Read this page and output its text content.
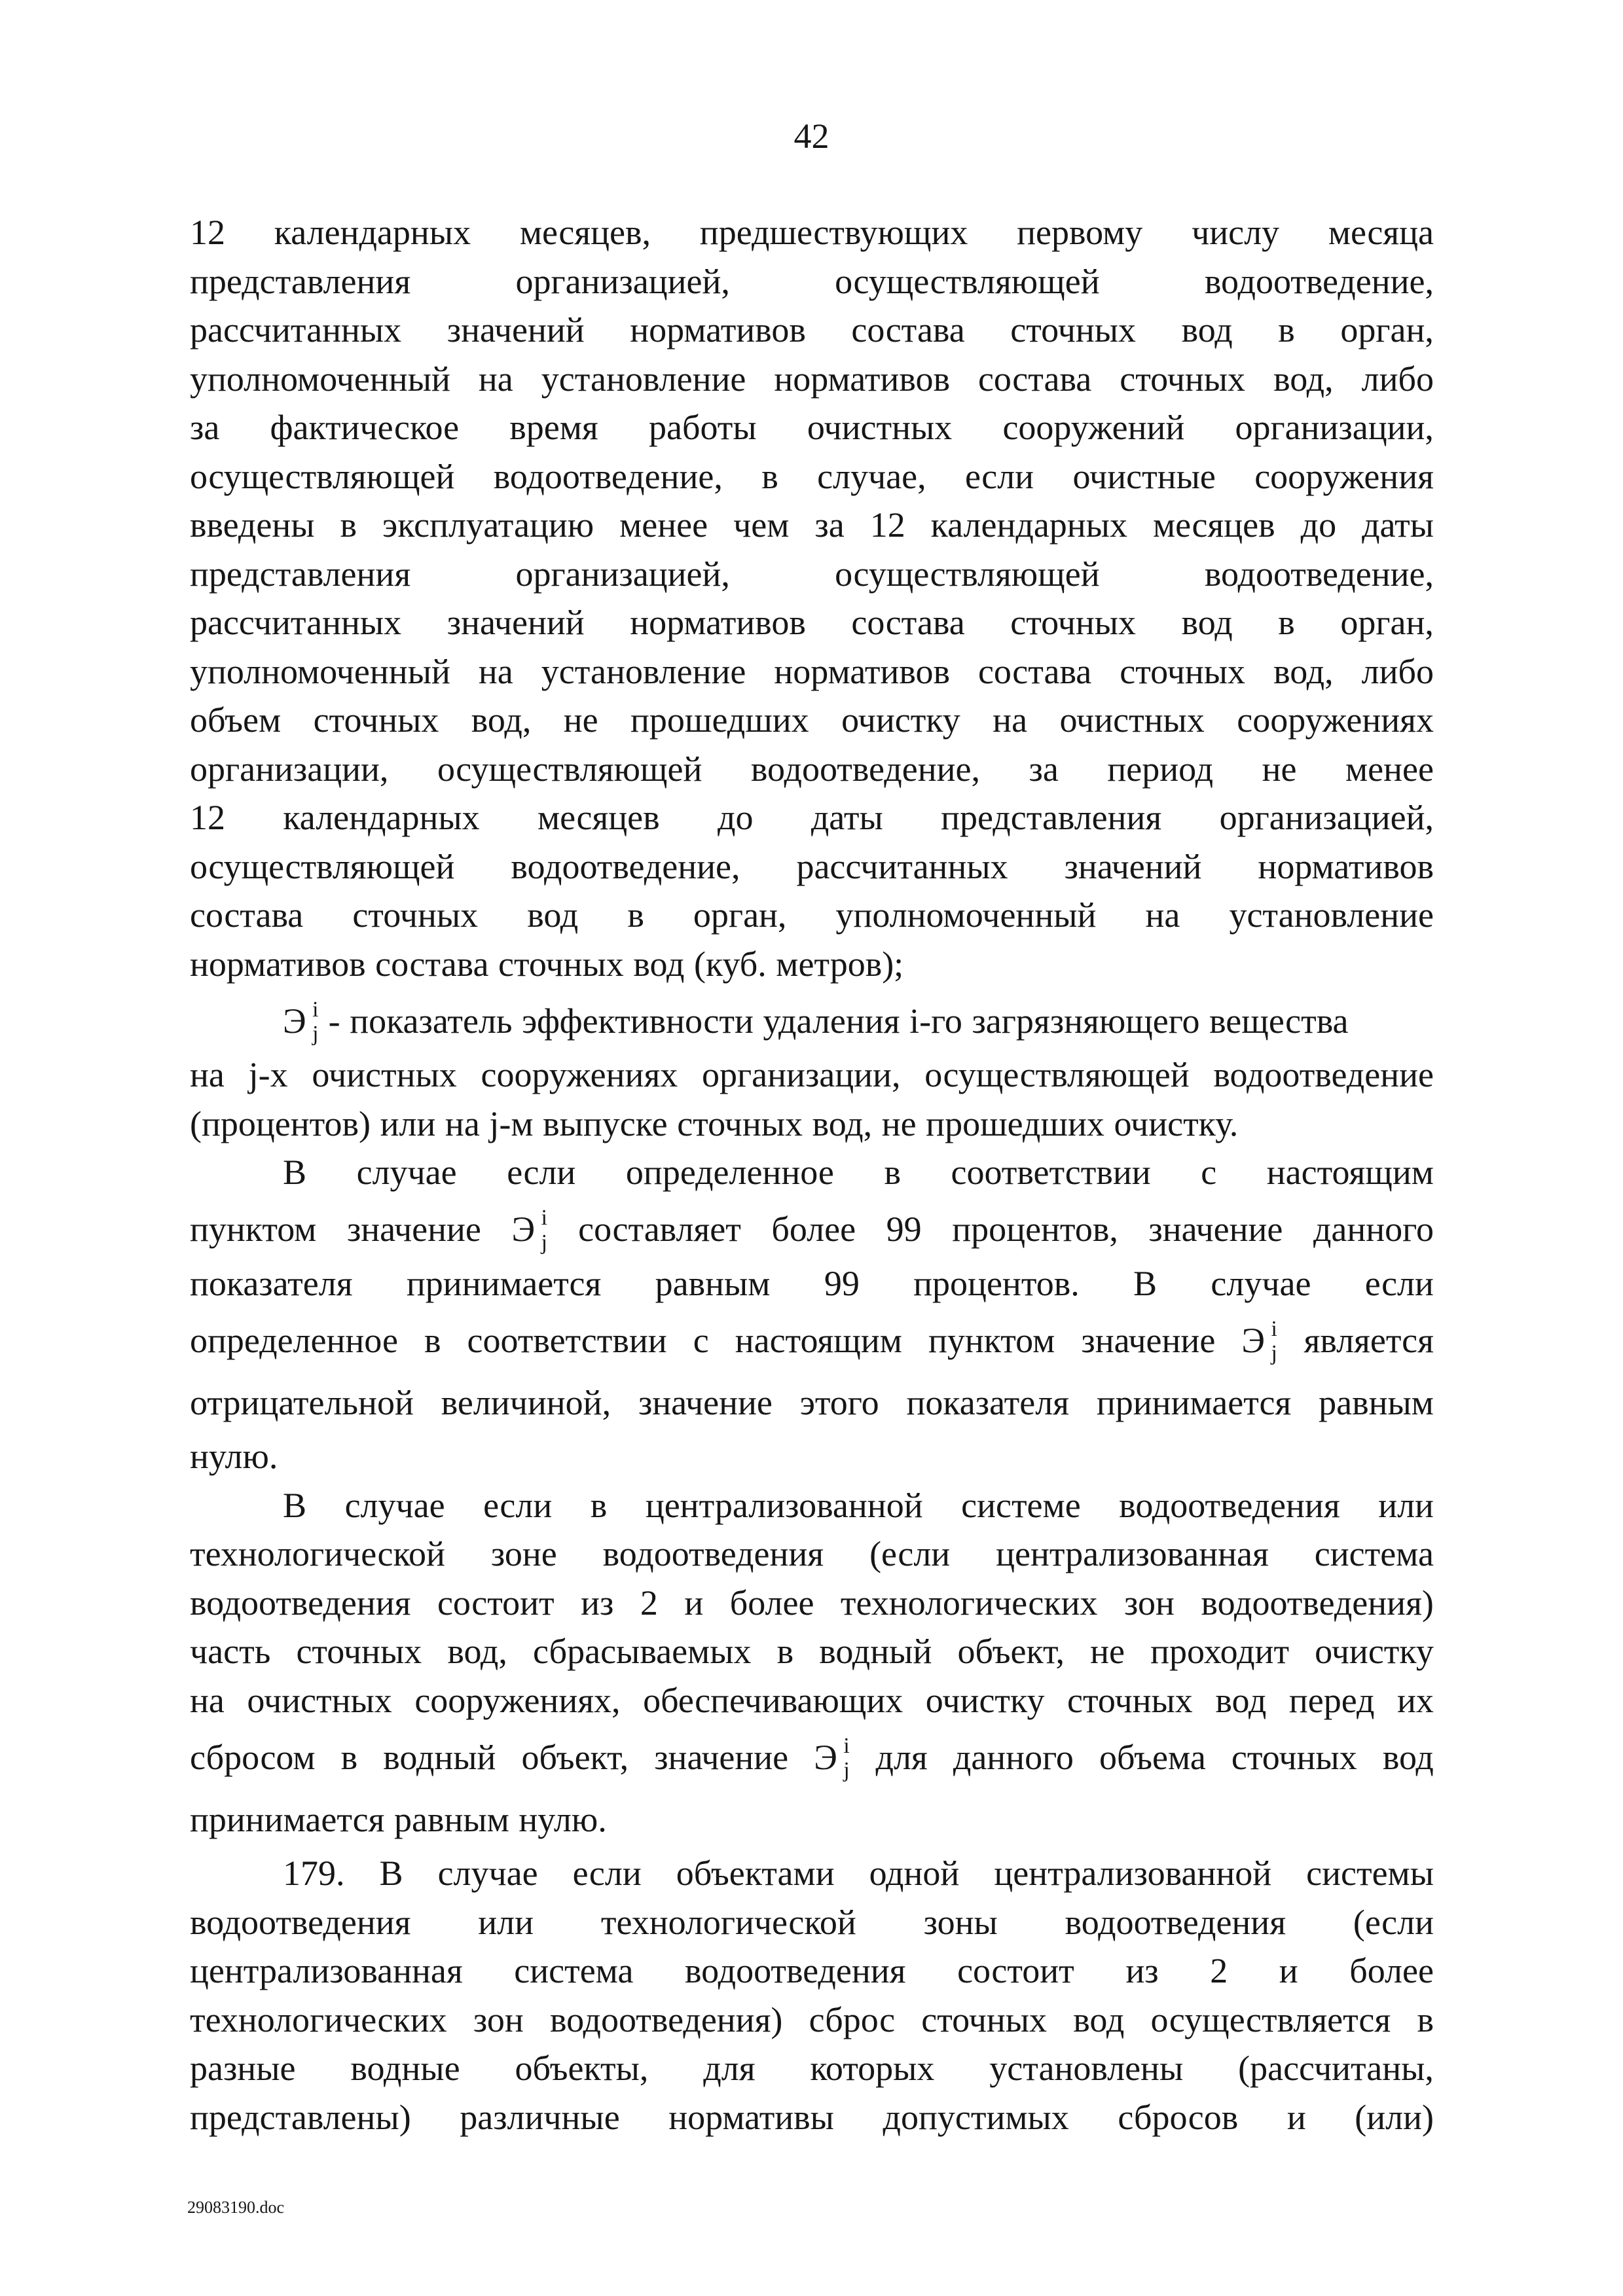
42
12 календарных месяцев, предшествующих первому числу месяца
представления	организацией,	осуществляющей	водоотведение,
рассчитанных значений нормативов состава сточных вод в орган,
уполномоченный на установление нормативов состава сточных вод, либо
за фактическое время работы очистных сооружений организации,
осуществляющей водоотведение, в случае, если очистные сооружения
введены в эксплуатацию менее чем за 12 календарных месяцев до даты
представления	организацией,	осуществляющей	водоотведение,
рассчитанных значений нормативов состава сточных вод в орган,
уполномоченный на установление нормативов состава сточных вод, либо
объем сточных вод, не прошедших очистку на очистных сооружениях
организации, осуществляющей водоотведение, за период не менее
12 календарных месяцев до даты представления организацией,
осуществляющей водоотведение, рассчитанных значений нормативов
состава сточных вод в орган, уполномоченный на установление
нормативов состава сточных вод (куб. метров);
Э i
j - показатель эффективности удаления i-го загрязняющего вещества
на j-х очистных сооружениях организации, осуществляющей водоотведение
(процентов) или на j-м выпуске сточных вод, не прошедших очистку.
В случае если определенное в соответствии с настоящим
пунктом значение Э i
j составляет более 99 процентов, значение данного
показателя принимается равным 99 процентов. В случае если
определенное в соответствии с настоящим пунктом значение Э i
j является
отрицательной величиной, значение этого показателя принимается равным
нулю.
В случае если в централизованной системе водоотведения или
технологической зоне водоотведения (если централизованная система
водоотведения состоит из 2 и более технологических зон водоотведения)
часть сточных вод, сбрасываемых в водный объект, не проходит очистку
на очистных сооружениях, обеспечивающих очистку сточных вод перед их
сбросом в водный объект, значение Э i
j для данного объема сточных вод
принимается равным нулю.
179. В случае если объектами одной централизованной системы
водоотведения или технологической зоны водоотведения (если
централизованная система водоотведения состоит из 2 и более
технологических зон водоотведения) сброс сточных вод осуществляется в
разные водные объекты, для которых установлены (рассчитаны,
представлены) различные нормативы допустимых сбросов и (или)
29083190.doc
